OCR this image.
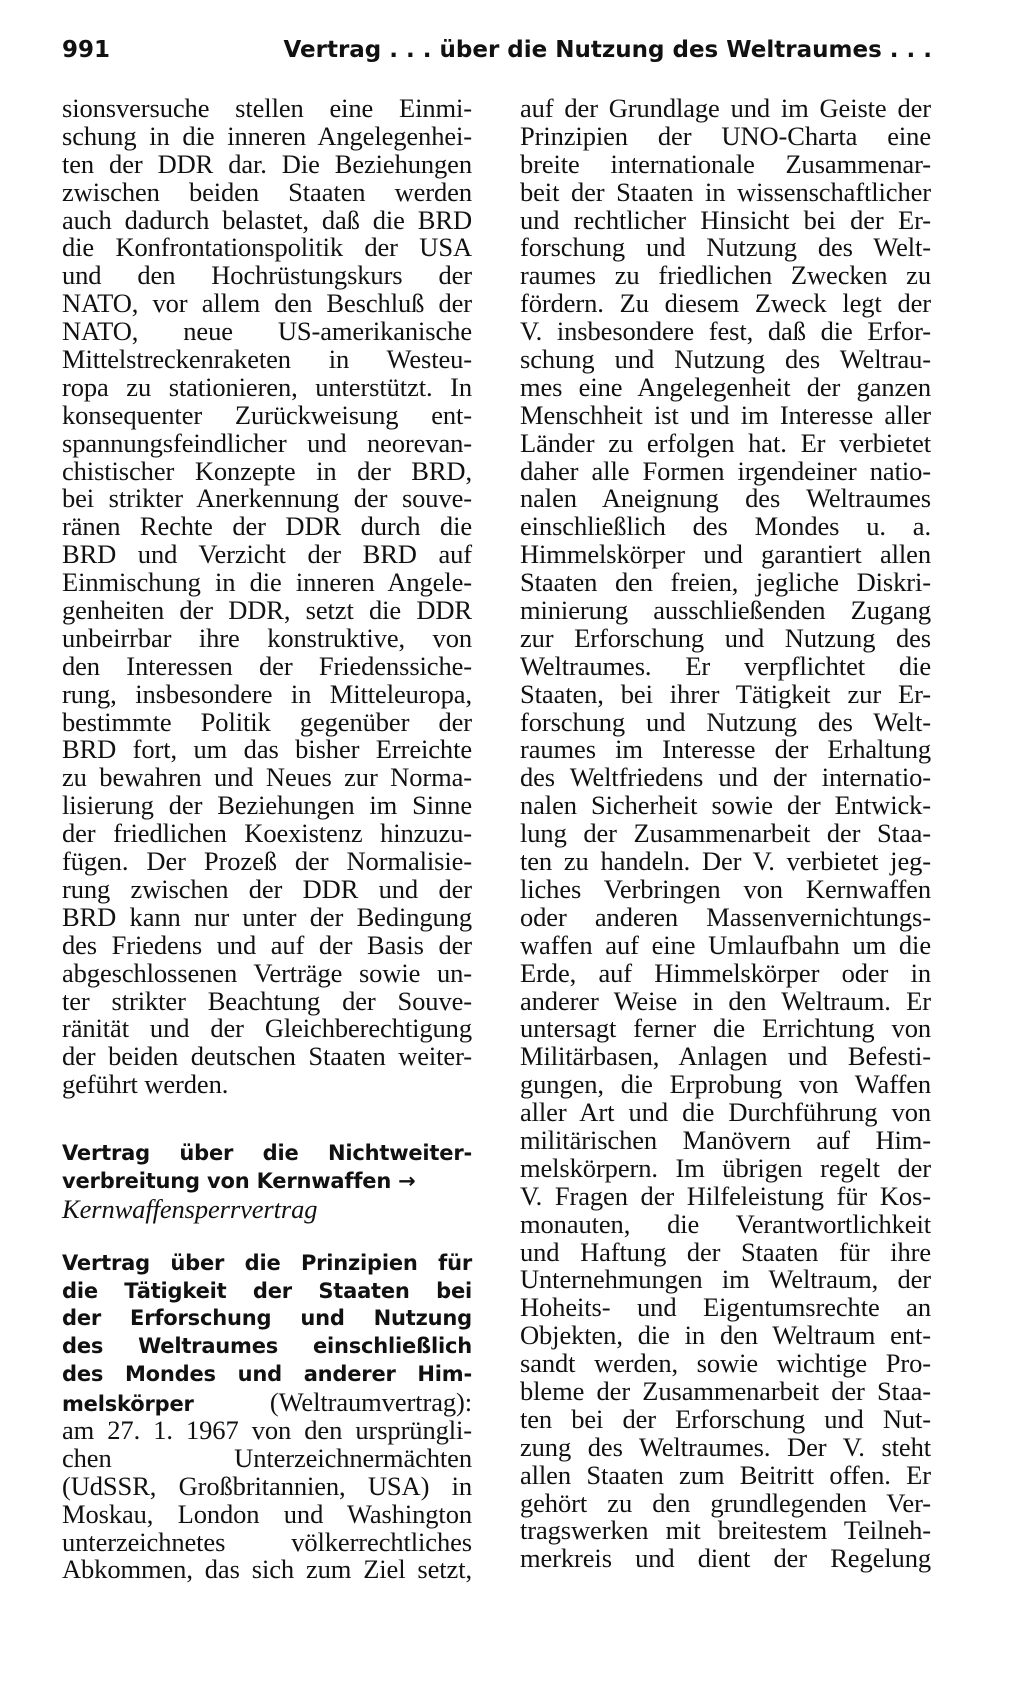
991	Vertrag . . . über die Nutzung des Weltraumes . . .
sionsversuche stellen eine Einmi-
schung in die inneren Angelegenhei-
ten der DDR dar. Die Beziehungen
zwischen beiden Staaten werden
auch dadurch belastet, daß die BRD
die Konfrontationspolitik der USA
und den Hochrüstungskurs der
NATO, vor allem den Beschluß der
NATO, neue US-amerikanische
Mittelstreckenraketen in Westeu-
ropa zu stationieren, unterstützt. In
konsequenter Zurückweisung ent-
spannungsfeindlicher und neorevan-
chistischer Konzepte in der BRD,
bei strikter Anerkennung der souve-
ränen Rechte der DDR durch die
BRD und Verzicht der BRD auf
Einmischung in die inneren Angele-
genheiten der DDR, setzt die DDR
unbeirrbar ihre konstruktive, von
den Interessen der Friedenssiche-
rung, insbesondere in Mitteleuropa,
bestimmte Politik gegenüber der
BRD fort, um das bisher Erreichte
zu bewahren und Neues zur Norma-
lisierung der Beziehungen im Sinne
der friedlichen Koexistenz hinzuzu-
fügen. Der Prozeß der Normalisie-
rung zwischen der DDR und der
BRD kann nur unter der Bedingung
des Friedens und auf der Basis der
abgeschlossenen Verträge sowie un-
ter strikter Beachtung der Souve-
ränität und der Gleichberechtigung
der beiden deutschen Staaten weiter-
geführt werden.
Vertrag über die Nichtweiter-
verbreitung von Kernwaffen →
Kernwaffensperrvertrag
Vertrag über die Prinzipien für
die Tätigkeit der Staaten bei
der Erforschung und Nutzung
des Weltraumes einschließlich
des Mondes und anderer Him-
melskörper (Weltraumvertrag):
am 27. 1. 1967 von den ursprüngli-
chen Unterzeichnermächten
(UdSSR, Großbritannien, USA) in
Moskau, London und Washington
unterzeichnetes völkerrechtliches
Abkommen, das sich zum Ziel setzt,
auf der Grundlage und im Geiste der
Prinzipien der UNO-Charta eine
breite internationale Zusammenar-
beit der Staaten in wissenschaftlicher
und rechtlicher Hinsicht bei der Er-
forschung und Nutzung des Welt-
raumes zu friedlichen Zwecken zu
fördern. Zu diesem Zweck legt der
V. insbesondere fest, daß die Erfor-
schung und Nutzung des Weltrau-
mes eine Angelegenheit der ganzen
Menschheit ist und im Interesse aller
Länder zu erfolgen hat. Er verbietet
daher alle Formen irgendeiner natio-
nalen Aneignung des Weltraumes
einschließlich des Mondes u. a.
Himmelskörper und garantiert allen
Staaten den freien, jegliche Diskri-
minierung ausschließenden Zugang
zur Erforschung und Nutzung des
Weltraumes. Er verpflichtet die
Staaten, bei ihrer Tätigkeit zur Er-
forschung und Nutzung des Welt-
raumes im Interesse der Erhaltung
des Weltfriedens und der internatio-
nalen Sicherheit sowie der Entwick-
lung der Zusammenarbeit der Staa-
ten zu handeln. Der V. verbietet jeg-
liches Verbringen von Kernwaffen
oder anderen Massenvernichtungs-
waffen auf eine Umlaufbahn um die
Erde, auf Himmelskörper oder in
anderer Weise in den Weltraum. Er
untersagt ferner die Errichtung von
Militärbasen, Anlagen und Befesti-
gungen, die Erprobung von Waffen
aller Art und die Durchführung von
militärischen Manövern auf Him-
melskörpern. Im übrigen regelt der
V. Fragen der Hilfeleistung für Kos-
monauten, die Verantwortlichkeit
und Haftung der Staaten für ihre
Unternehmungen im Weltraum, der
Hoheits- und Eigentumsrechte an
Objekten, die in den Weltraum ent-
sandt werden, sowie wichtige Pro-
bleme der Zusammenarbeit der Staa-
ten bei der Erforschung und Nut-
zung des Weltraumes. Der V. steht
allen Staaten zum Beitritt offen. Er
gehört zu den grundlegenden Ver-
tragswerken mit breitestem Teilneh-
merkreis und dient der Regelung
